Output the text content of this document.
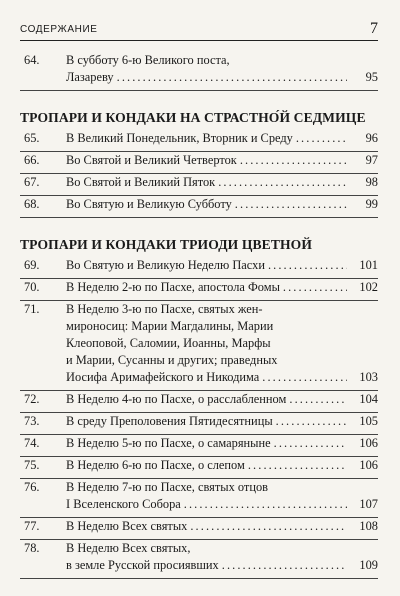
СОДЕРЖАНИЕ	7
64. В субботу 6-ю Великого поста,
Лазареву . . .	95
ТРОПАРИ И КОНДАКИ НА СТРАСТНО́Й СЕДМИЦЕ
65. В Великий Понедельник, Вторник и Среду . . .	96
66. Во Святой и Великий Четверток . . .	97
67. Во Святой и Великий Пяток . . .	98
68. Во Святую и Великую Субботу . . .	99
ТРОПАРИ И КОНДАКИ ТРИОДИ ЦВЕТНОЙ
69. Во Святую и Великую Неделю Пасхи . . .	101
70. В Неделю 2-ю по Пасхе, апостола Фомы . . .	102
71. В Неделю 3-ю по Пасхе, святых жен-
мироносиц: Марии Магдалины, Марии
Клеоповой, Саломии, Иоанны, Марфы
и Марии, Сусанны и других; праведных
Иосифа Аримафейского и Никодима . . .	103
72. В Неделю 4-ю по Пасхе, о расслабленном . . .	104
73. В среду Преполовения Пятидесятницы . . .	105
74. В Неделю 5-ю по Пасхе, о самаряныне . . .	106
75. В Неделю 6-ю по Пасхе, о слепом . . .	106
76. В Неделю 7-ю по Пасхе, святых отцов
I Вселенского Собора . . .	107
77. В Неделю Всех святых . . .	108
78. В Неделю Всех святых,
в земле Русской просиявших . . .	109
